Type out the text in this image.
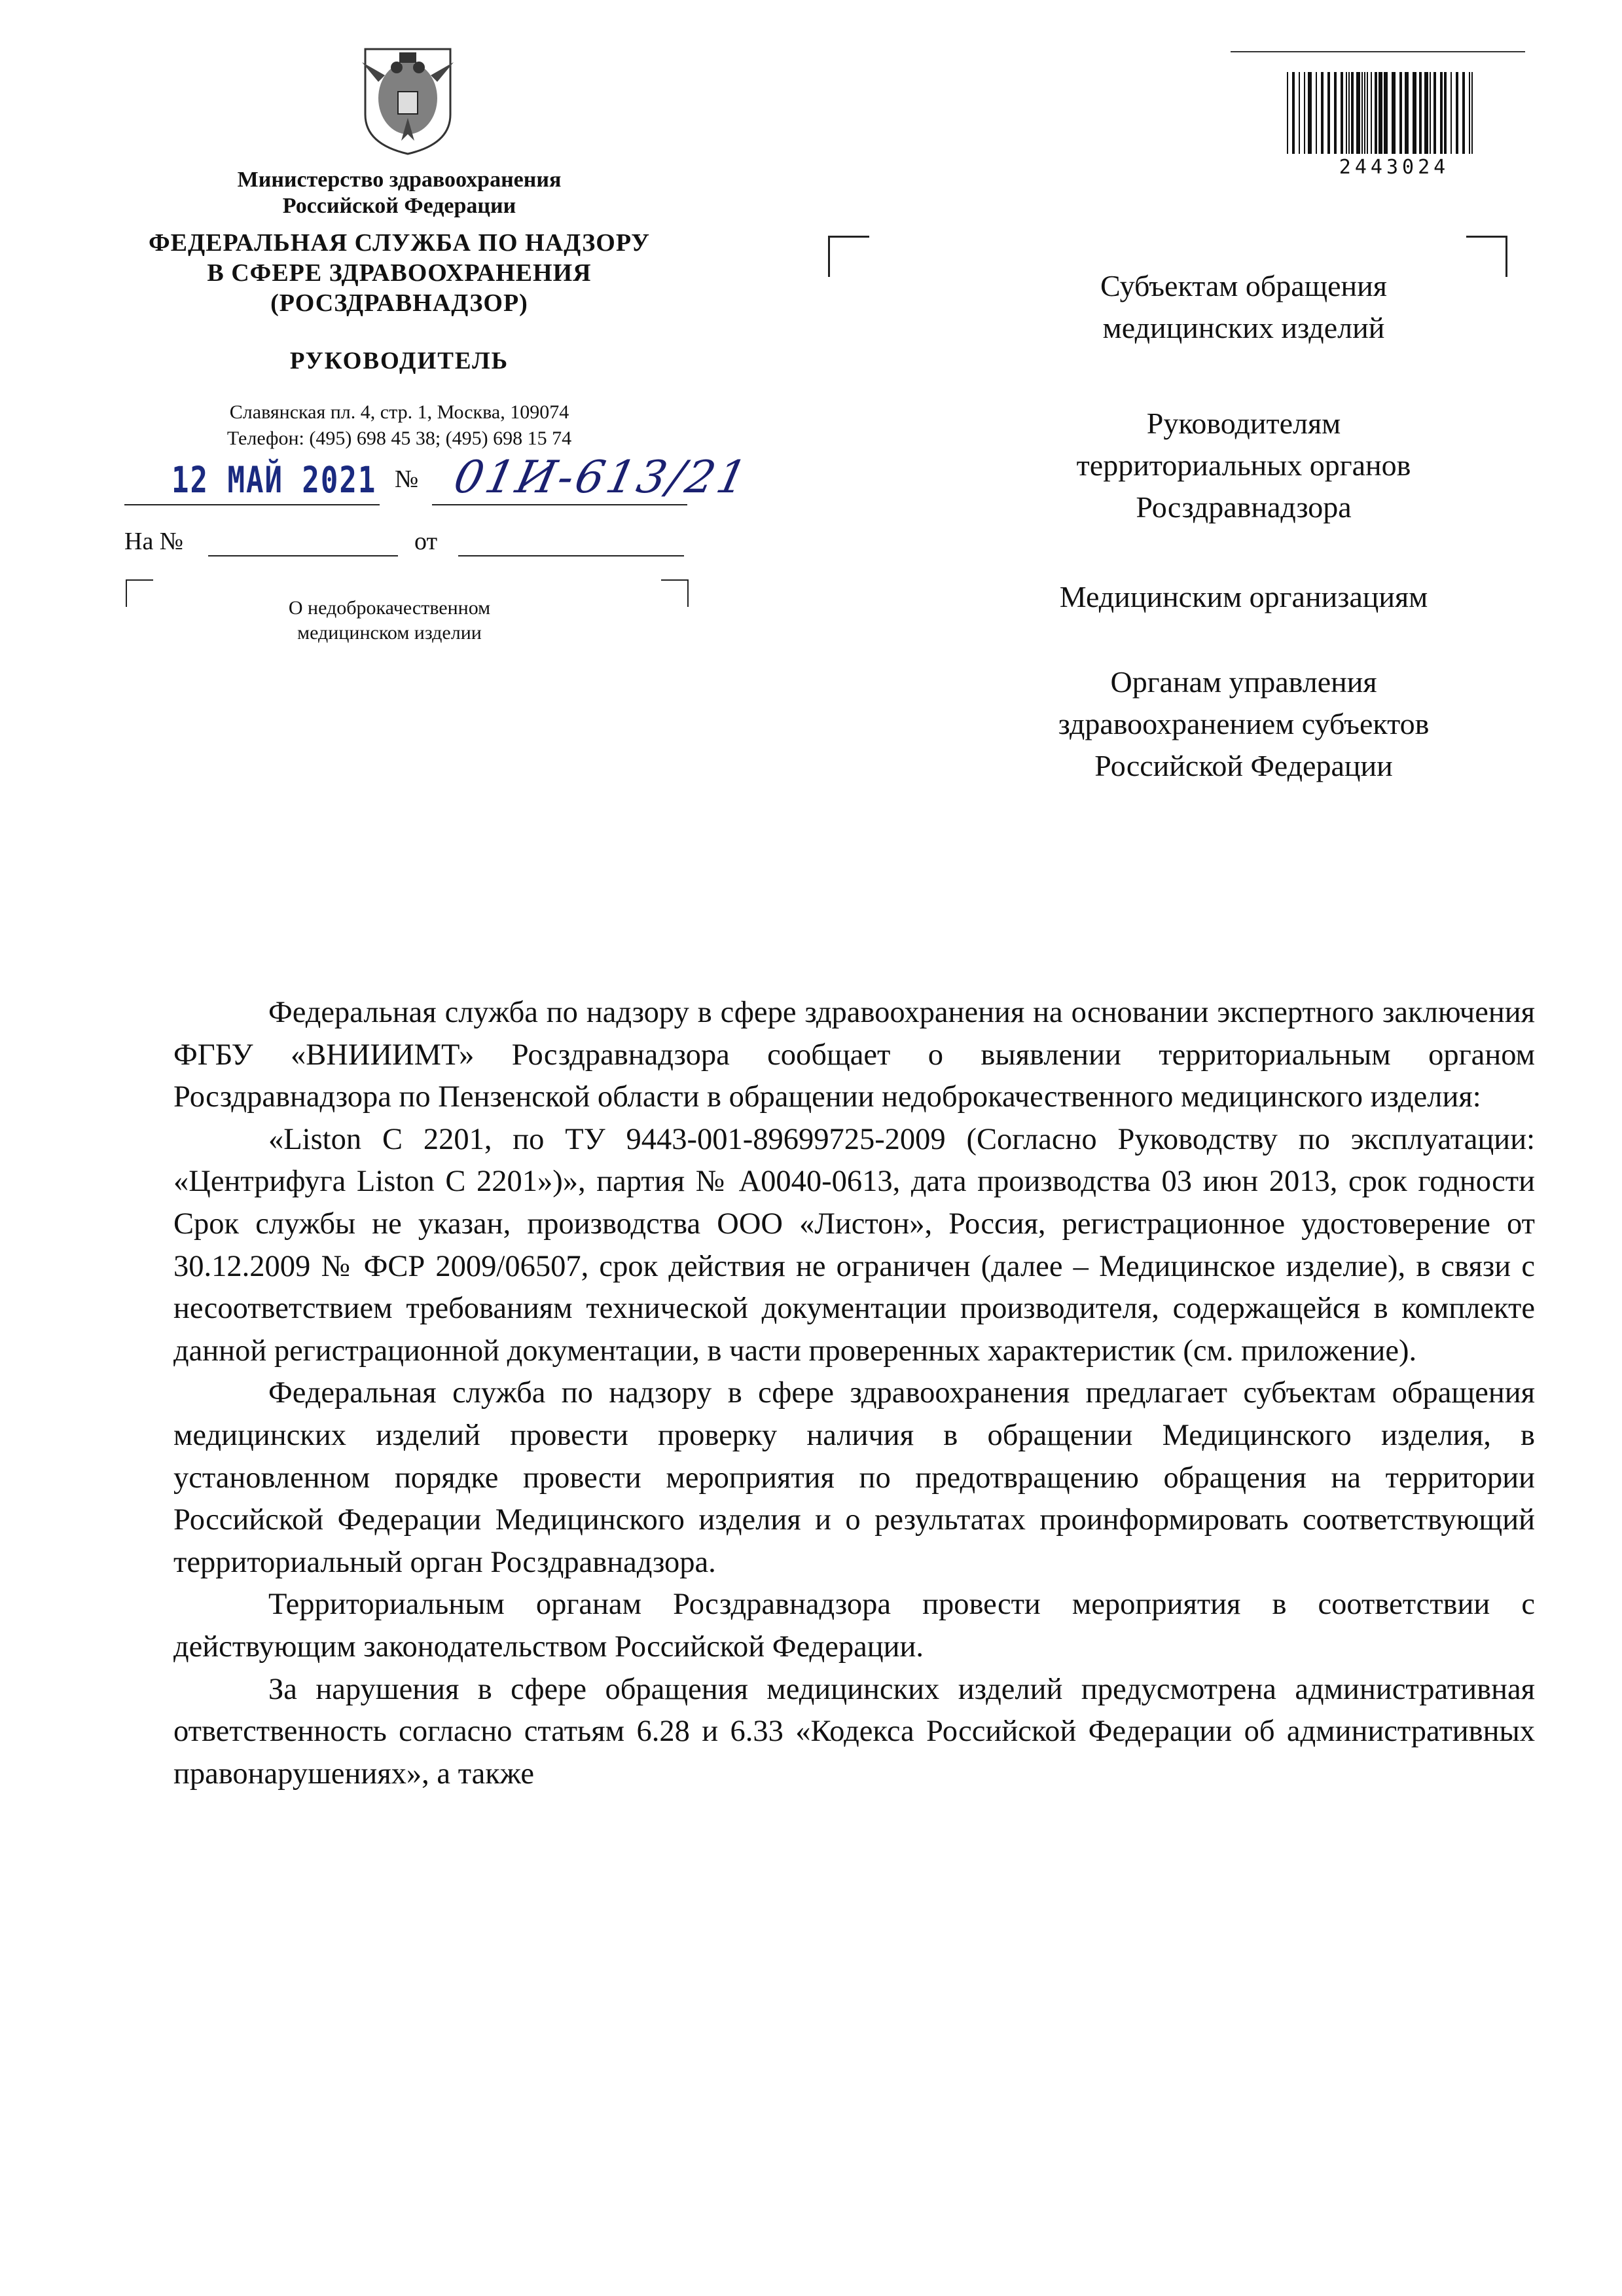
Министерство здравоохранения
Российской Федерации
ФЕДЕРАЛЬНАЯ СЛУЖБА ПО НАДЗОРУ
В СФЕРЕ ЗДРАВООХРАНЕНИЯ
(РОСЗДРАВНАДЗОР)
РУКОВОДИТЕЛЬ
Славянская пл. 4, стр. 1, Москва, 109074
Телефон: (495) 698 45 38; (495) 698 15 74
12 МАЙ 2021 № 01И-613/21
На №	от
О недоброкачественном
медицинском изделии
2443024
Субъектам обращения
медицинских изделий
Руководителям
территориальных органов
Росздравнадзора
Медицинским организациям
Органам управления
здравоохранением субъектов
Российской Федерации

Федеральная служба по надзору в сфере здравоохранения на основании экспертного заключения ФГБУ «ВНИИИМТ» Росздравнадзора сообщает о выявлении территориальным органом Росздравнадзора по Пензенской области в обращении недоброкачественного медицинского изделия:

«Liston C 2201, по ТУ 9443-001-89699725-2009 (Согласно Руководству по эксплуатации: «Центрифуга Liston C 2201»)», партия № A0040-0613, дата производства 03 июн 2013, срок годности Срок службы не указан, производства ООО «Листон», Россия, регистрационное удостоверение от 30.12.2009 № ФСР 2009/06507, срок действия не ограничен (далее – Медицинское изделие), в связи с несоответствием требованиям технической документации производителя, содержащейся в комплекте данной регистрационной документации, в части проверенных характеристик (см. приложение).

Федеральная служба по надзору в сфере здравоохранения предлагает субъектам обращения медицинских изделий провести проверку наличия в обращении Медицинского изделия, в установленном порядке провести мероприятия по предотвращению обращения на территории Российской Федерации Медицинского изделия и о результатах проинформировать соответствующий территориальный орган Росздравнадзора.

Территориальным органам Росздравнадзора провести мероприятия в соответствии с действующим законодательством Российской Федерации.

За нарушения в сфере обращения медицинских изделий предусмотрена административная ответственность согласно статьям 6.28 и 6.33 «Кодекса Российской Федерации об административных правонарушениях», а также
